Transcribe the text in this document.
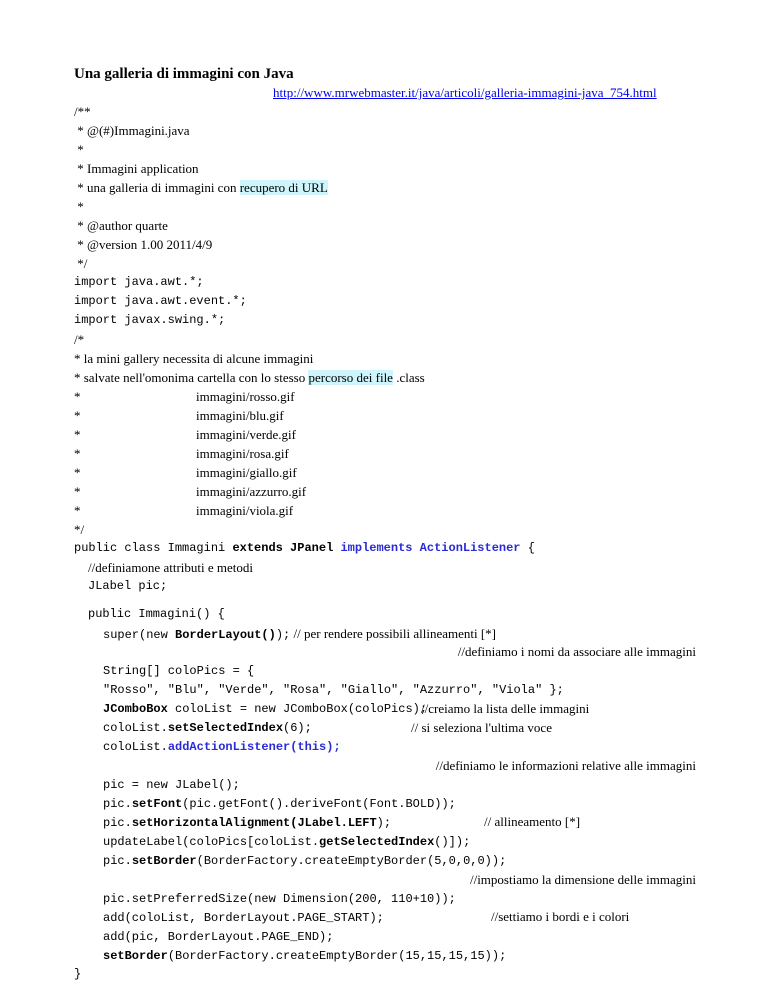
Una galleria di immagini con Java
http://www.mrwebmaster.it/java/articoli/galleria-immagini-java_754.html
/**
* @(#)Immagini.java
*
* Immagini application
* una galleria di immagini con recupero di URL
*
* @author quarte
* @version 1.00 2011/4/9
*/
import java.awt.*;
import java.awt.event.*;
import javax.swing.*;
/*
* la mini gallery necessita di alcune immagini
* salvate nell'omonima cartella con lo stesso percorso dei file .class
*	immagini/rosso.gif
*	immagini/blu.gif
*	immagini/verde.gif
*	immagini/rosa.gif
*	immagini/giallo.gif
*	immagini/azzurro.gif
*	immagini/viola.gif
*/
public class Immagini extends JPanel implements ActionListener {
//definiamone attributi e metodi
JLabel pic;
public Immagini() {
super(new BorderLayout()); // per rendere possibili allineamenti [*]
//definiamo i nomi da associare alle immagini
String[] coloPics = {
"Rosso", "Blu", "Verde", "Rosa", "Giallo", "Azzurro", "Viola" };
JComboBox coloList = new JComboBox(coloPics);
//creiamo la lista delle immagini
coloList.setSelectedIndex(6);	// si seleziona l'ultima voce
coloList.addActionListener(this);
//definiamo le informazioni relative alle immagini
pic = new JLabel();
pic.setFont(pic.getFont().deriveFont(Font.BOLD));
pic.setHorizontalAlignment(JLabel.LEFT);	// allineamento [*]
updateLabel(coloPics[coloList.getSelectedIndex()]);
pic.setBorder(BorderFactory.createEmptyBorder(5,0,0,0));
//impostiamo la dimensione delle immagini
pic.setPreferredSize(new Dimension(200, 110+10));
add(coloList, BorderLayout.PAGE_START);	//settiamo i bordi e i colori
add(pic, BorderLayout.PAGE_END);
setBorder(BorderFactory.createEmptyBorder(15,15,15,15));
}
